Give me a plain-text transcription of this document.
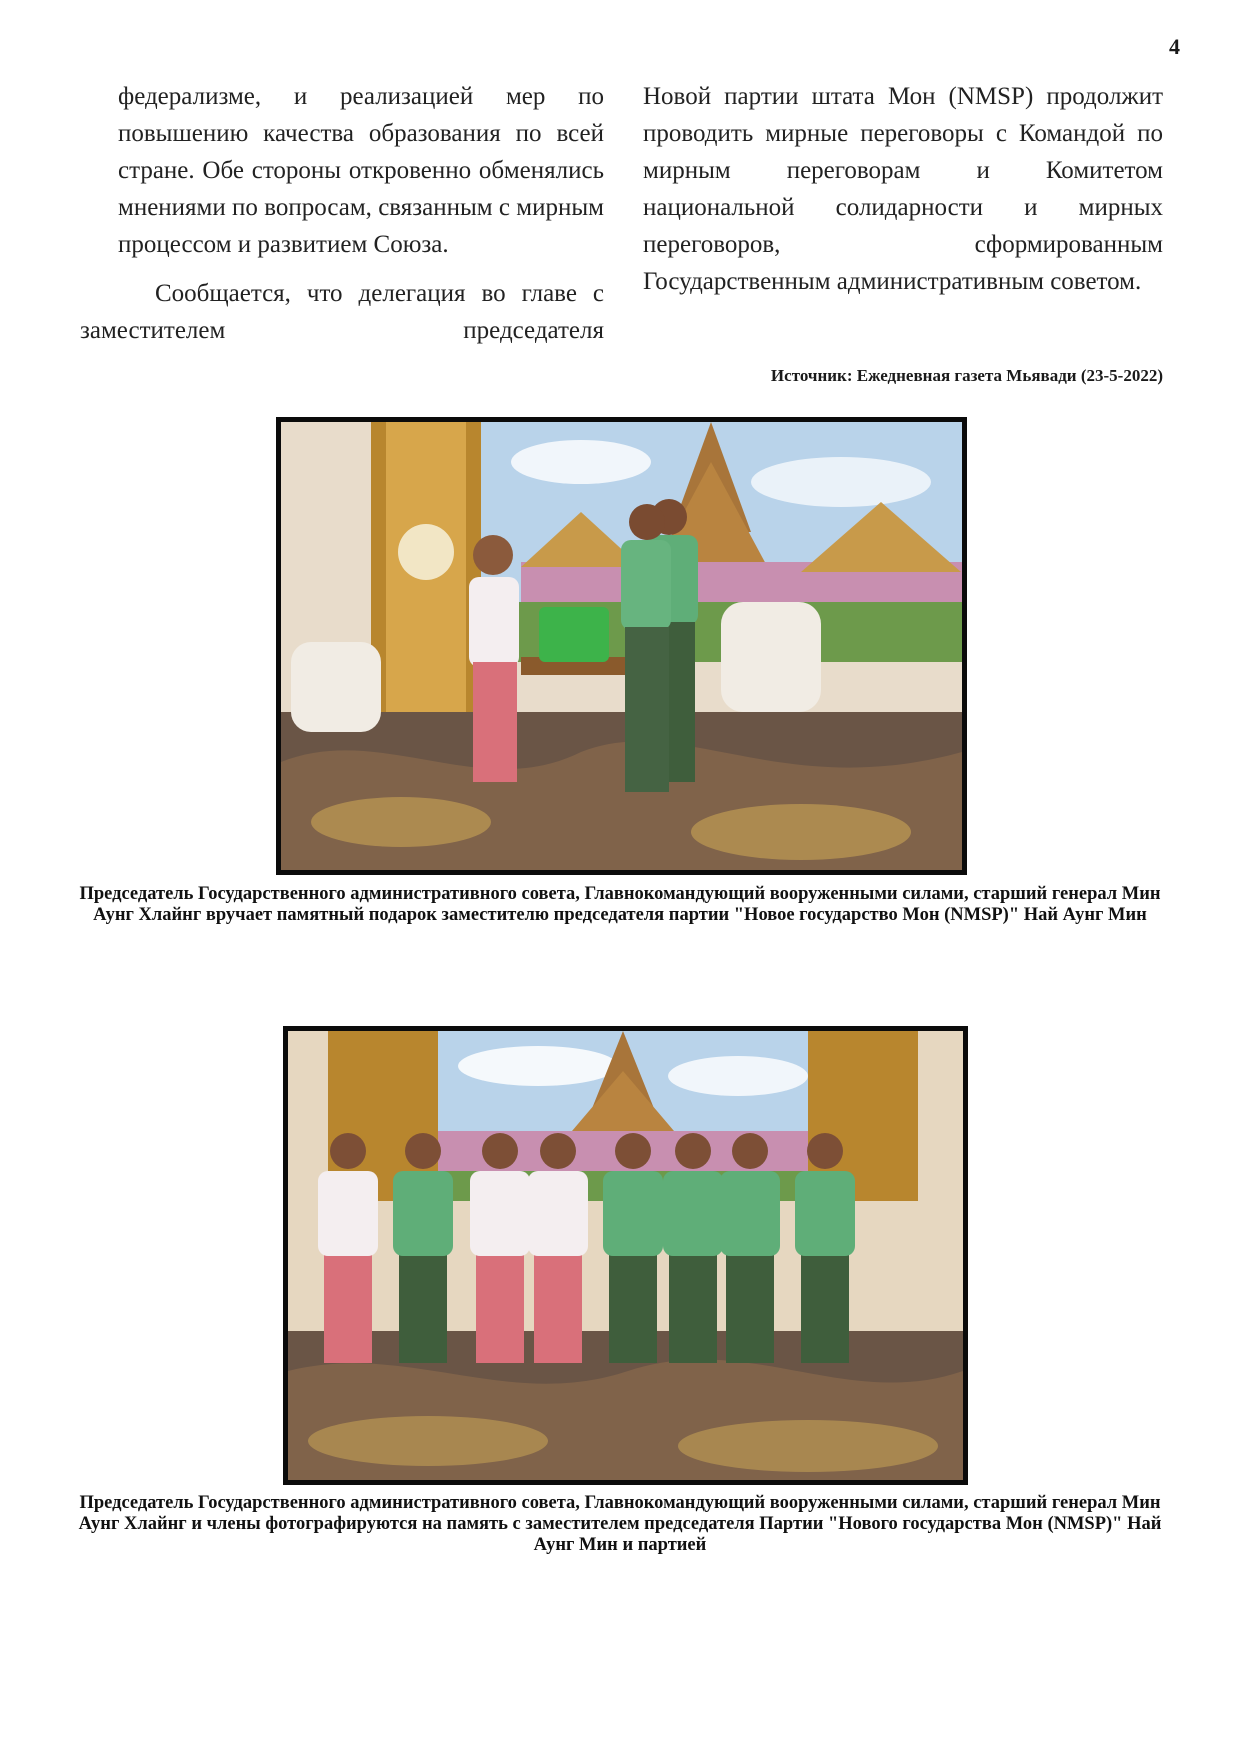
4

федерализме, и реализацией мер по повышению качества образования по всей стране. Обе стороны откровенно обменялись мнениями по вопросам, связанным с мирным процессом и развитием Союза.

Сообщается, что делегация во главе с заместителем председателя

Новой партии штата Мон (NMSP) продолжит проводить мирные переговоры с Командой по мирным переговорам и Комитетом национальной солидарности и мирных переговоров, сформированным Государственным административным советом.

Источник: Ежедневная газета Мьявади (23-5-2022)
Председатель Государственного административного совета, Главнокомандующий вооруженными силами, старший генерал Мин Аунг Хлайнг вручает памятный подарок заместителю председателя партии "Новое государство Мон (NMSP)" Най Аунг Мин
Председатель Государственного административного совета, Главнокомандующий вооруженными силами, старший генерал Мин Аунг Хлайнг и члены фотографируются на память с заместителем председателя Партии "Нового государства Мон (NMSP)" Най Аунг Мин и партией
